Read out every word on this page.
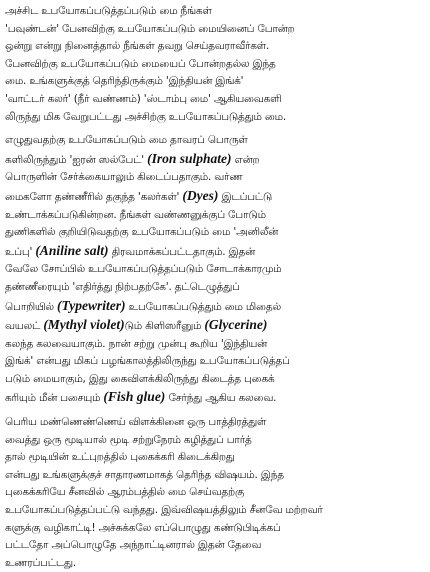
அச்சிட உபயோகப்படுத்தப்படும் மை நீங்கள்
'பவுண்டன்' பேனவிற்கு உபயோகப்படும் மையினைப் போன்ற
ஒன்று என்று நினைத்தால் நீங்கள் தவறு செய்தவராவீர்கள்.
பேனவிற்கு உபயோகப்படும் மையைப் போன்றதல்ல இந்த
மை. உங்களுக்குத் தெரிந்திருக்கும் 'இந்தியன் இங்க்'
'வாட்டர் கலர்' (நீர் வண்ணம்) 'ஸ்டாம்பு மை' ஆகியவைகளி
லிருந்து மிக வேறுபட்டது அச்சிற்கு உபயோகப்படுத்தும் மை.

எழுதுவதற்கு உபயோகப்படும் மை தாவரப் பொருள்
களிலிருந்தும் 'ஐரன் ஸல்பேட்' (Iron sulphate) என்ற
பொருளின் சேர்க்கையாலும் கிடைப்பதாகும். வர்ண
மைகளோ தண்ணீரில் தகுந்த 'கலர்கள்' (Dyes) இடப்பட்டு
உண்டாக்கப்படுகின்றன. நீங்கள் வண்ணனுக்குப் போடும்
துணிகளில் குறியிடுவதற்கு உபயோகப்படும் மை 'அனிலீன்
உப்பு' (Aniline salt) திரவமாக்கப்பட்டதாகும். இதன்
வேலே சோப்பில் உபயோகப்படுத்தப்படும் சோடாக்காரமும்
தண்ணீரையும் 'எதிர்த்து நிற்பதற்கே'. தட்டெழுத்துப்
பொறியில் (Typewriter) உபயோகப்படுத்தும் மை மிதைல்
வயலட் (Mythyl violet)டும் கிளிஸரீனும் (Glycerine)
கலந்த கலவையாகும். நான் சற்று முன்பு கூறிய 'இந்தியன்
இங்க்' என்பது மிகப் பழங்காலத்திலிருந்து உபயோகப்படுத்தப்
படும் மையாகும், இது கைவிளக்கிலிருந்து கிடைத்த புகைக்
கரியும் மீன் பசையும் (Fish glue) சேர்ந்து ஆகிய கலவை.

பெரிய மண்ணெண்ணெய் விளக்கினை ஒரு பாத்திரத்துள்
வைத்து ஒரு மூடியால் மூடி சற்றுநேரம் கழித்துப் பார்த்
தால் மூடியின் உட்புறத்தில் புகைக்கரி கிடைக்கிறது
என்பது உங்களுக்குச் சாதாரணமாகத் தெரிந்த விஷயம். இந்த
புகைக்கரியே சீனவில் ஆரம்பத்தில் மை செய்வதற்கு
உபயோகப்படுத்தப்பட்டு வந்தது. இவ்விஷயத்திலும் சீனவே மற்றவர்
களுக்கு வழிகாட்டி! அச்சுக்கலே எப்பொழுது கண்டுபிடிக்கப்
பட்டதோ அப்பொழுதே அந்நாட்டினரால் இதன் தேவை
உணரப்பட்டது.
